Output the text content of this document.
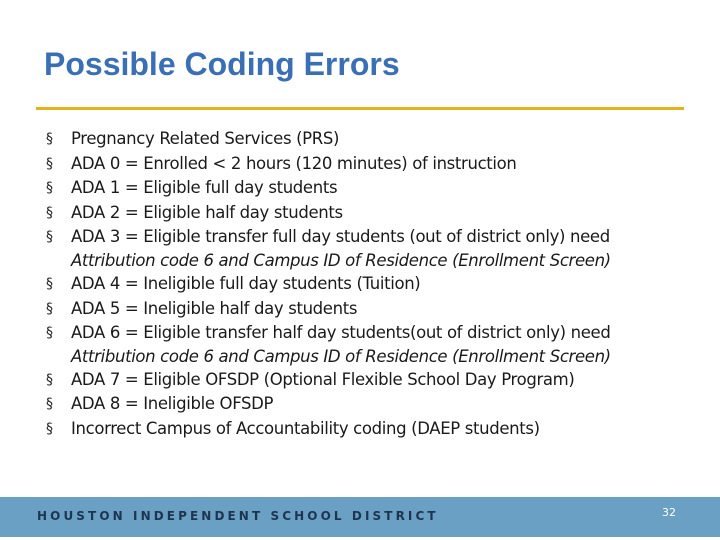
Possible Coding Errors
§	Pregnancy Related Services (PRS)
§	ADA 0 = Enrolled < 2 hours (120 minutes) of instruction
§	ADA 1 = Eligible full day students
§	ADA 2 = Eligible half day students
§	ADA 3 = Eligible transfer full day students (out of district only) need
Attribution code 6 and Campus ID of Residence (Enrollment Screen)
§	ADA 4 = Ineligible full day students (Tuition)
§	ADA 5 = Ineligible half day students
§	ADA 6 = Eligible transfer half day students(out of district only) need
Attribution code 6 and Campus ID of Residence (Enrollment Screen)
§	ADA 7 = Eligible OFSDP (Optional Flexible School Day Program)
§	ADA 8 = Ineligible OFSDP
§	Incorrect Campus of Accountability coding (DAEP students)
HOUSTON INDEPENDENT SCHOOL DISTRICT	32
